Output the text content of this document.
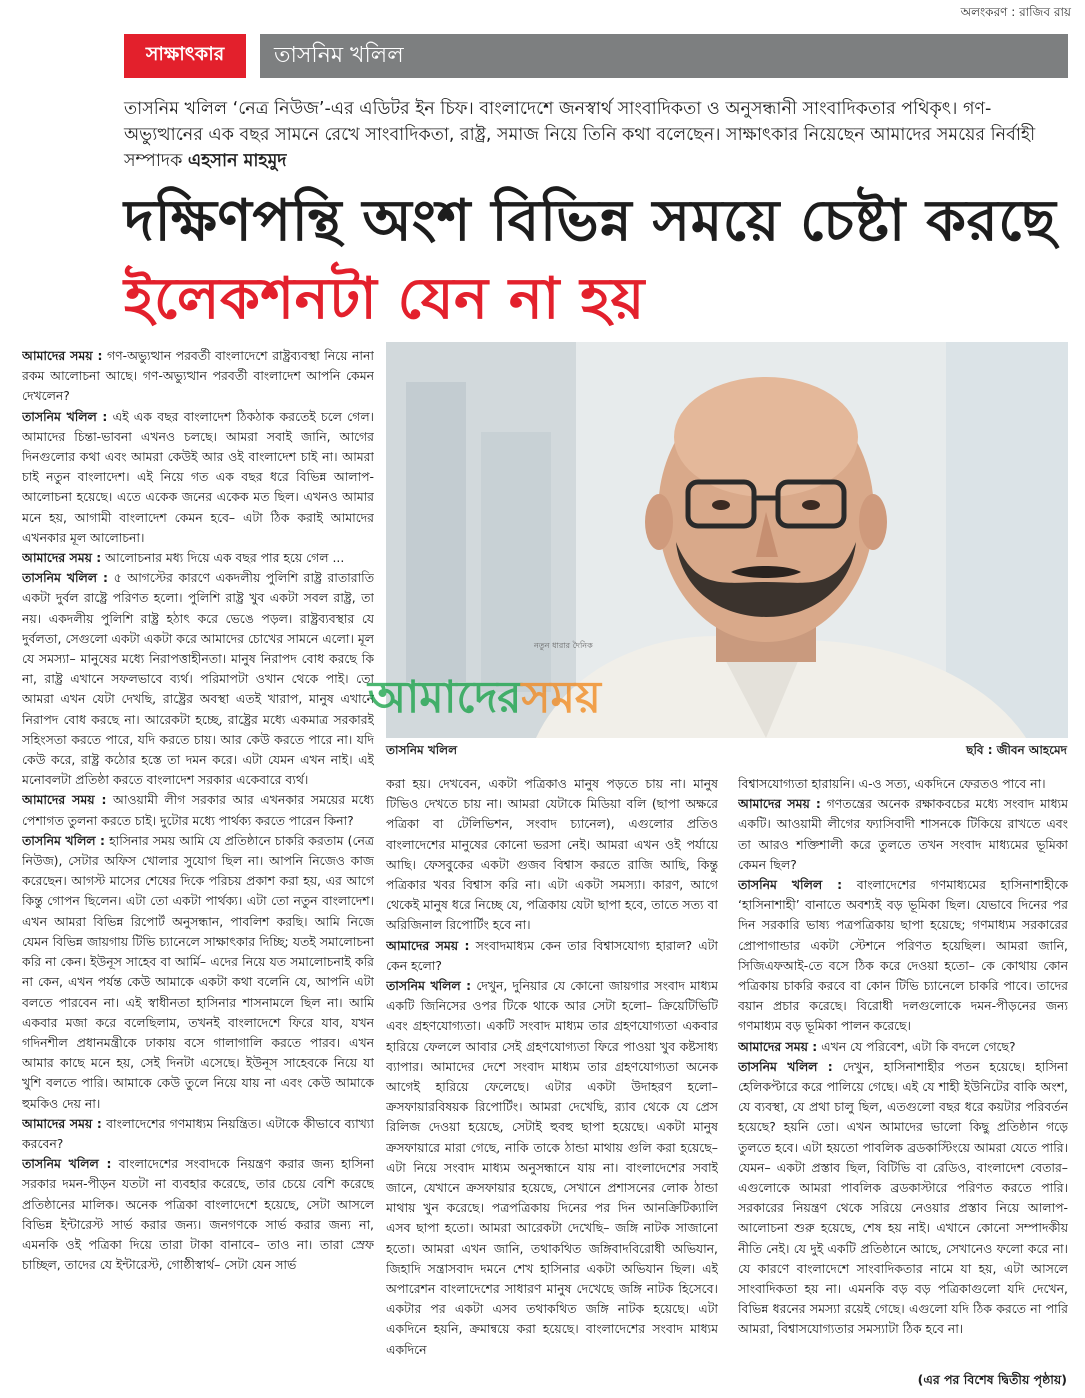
অলংকরণ : রাজিব রায়
সাক্ষাৎকার	তাসনিম খলিল
তাসনিম খলিল ‘নেত্র নিউজ’-এর এডিটর ইন চিফ। বাংলাদেশে জনস্বার্থ সাংবাদিকতা ও অনুসন্ধানী সাংবাদিকতার পথিকৃৎ। গণ-অভ্যুত্থানের এক বছর সামনে রেখে সাংবাদিকতা, রাষ্ট্র, সমাজ নিয়ে তিনি কথা বলেছেন। সাক্ষাৎকার নিয়েছেন আমাদের সময়ের নির্বাহী সম্পাদক এহসান মাহমুদ
দক্ষিণপন্থি অংশ বিভিন্ন সময়ে চেষ্টা করছে
ইলেকশনটা যেন না হয়

আমাদের সময় : গণ-অভ্যুত্থান পরবর্তী বাংলাদেশে রাষ্ট্রব্যবস্থা নিয়ে নানা রকম আলোচনা আছে। গণ-অভ্যুত্থান পরবর্তী বাংলাদেশ আপনি কেমন দেখলেন?

তাসনিম খলিল : এই এক বছর বাংলাদেশ ঠিকঠাক করতেই চলে গেল। আমাদের চিন্তা-ভাবনা এখনও চলছে। আমরা সবাই জানি, আগের দিনগুলোর কথা এবং আমরা কেউই আর ওই বাংলাদেশ চাই না। আমরা চাই নতুন বাংলাদেশ। এই নিয়ে গত এক বছর ধরে বিভিন্ন আলাপ-আলোচনা হয়েছে। এতে একেক জনের একেক মত ছিল। এখনও আমার মনে হয়, আগামী বাংলাদেশ কেমন হবে– এটা ঠিক করাই আমাদের এখনকার মূল আলোচনা।

আমাদের সময় : আলোচনার মধ্য দিয়ে এক বছর পার হয়ে গেল ...

তাসনিম খলিল : ৫ আগস্টের কারণে একদলীয় পুলিশি রাষ্ট্র রাতারাতি একটা দুর্বল রাষ্ট্রে পরিণত হলো। পুলিশি রাষ্ট্র খুব একটা সবল রাষ্ট্র, তা নয়। একদলীয় পুলিশি রাষ্ট্র হঠাৎ করে ভেঙে পড়ল। রাষ্ট্রব্যবস্থার যে দুর্বলতা, সেগুলো একটা একটা করে আমাদের চোখের সামনে এলো। মূল যে সমস্যা– মানুষের মধ্যে নিরাপত্তাহীনতা। মানুষ নিরাপদ বোধ করছে কি না, রাষ্ট্র এখানে সফলভাবে ব্যর্থ। পরিমাপটা ওখান থেকে পাই। তো আমরা এখন যেটা দেখছি, রাষ্ট্রের অবস্থা এতই খারাপ, মানুষ এখানে নিরাপদ বোধ করছে না। আরেকটা হচ্ছে, রাষ্ট্রের মধ্যে একমাত্র সরকারই সহিংসতা করতে পারে, যদি করতে চায়। আর কেউ করতে পারে না। যদি কেউ করে, রাষ্ট্র কঠোর হস্তে তা দমন করে। এটা যেমন এখন নাই। এই মনোবলটা প্রতিষ্ঠা করতে বাংলাদেশ সরকার একেবারে ব্যর্থ।

আমাদের সময় : আওয়ামী লীগ সরকার আর এখনকার সময়ের মধ্যে পেশাগত তুলনা করতে চাই। দুটোর মধ্যে পার্থক্য করতে পারেন কিনা?

তাসনিম খলিল : হাসিনার সময় আমি যে প্রতিষ্ঠানে চাকরি করতাম (নেত্র নিউজ), সেটার অফিস খোলার সুযোগ ছিল না। আপনি নিজেও কাজ করেছেন। আগস্ট মাসের শেষের দিকে পরিচয় প্রকাশ করা হয়, এর আগে কিন্তু গোপন ছিলেন। এটা তো একটা পার্থক্য। এটা তো নতুন বাংলাদেশ। এখন আমরা বিভিন্ন রিপোর্ট অনুসন্ধান, পাবলিশ করছি। আমি নিজে যেমন বিভিন্ন জায়গায় টিভি চ্যানেলে সাক্ষাৎকার দিচ্ছি; যতই সমালোচনা করি না কেন। ইউনূস সাহেব বা আর্মি– এদের নিয়ে যত সমালোচনাই করি না কেন, এখন পর্যন্ত কেউ আমাকে একটা কথা বলেনি যে, আপনি এটা বলতে পারবেন না। এই স্বাধীনতা হাসিনার শাসনামলে ছিল না। আমি একবার মজা করে বলেছিলাম, তখনই বাংলাদেশে ফিরে যাব, যখন গদিনশীল প্রধানমন্ত্রীকে ঢাকায় বসে গালাগালি করতে পারব। এখন আমার কাছে মনে হয়, সেই দিনটা এসেছে। ইউনূস সাহেবকে নিয়ে যা খুশি বলতে পারি। আমাকে কেউ তুলে নিয়ে যায় না এবং কেউ আমাকে হুমকিও দেয় না।

আমাদের সময় : বাংলাদেশের গণমাধ্যম নিয়ন্ত্রিত। এটাকে কীভাবে ব্যাখ্যা করবেন?

তাসনিম খলিল : বাংলাদেশের সংবাদকে নিয়ন্ত্রণ করার জন্য হাসিনা সরকার দমন-পীড়ন যতটা না ব্যবহার করেছে, তার চেয়ে বেশি করেছে প্রতিষ্ঠানের মালিক। অনেক পত্রিকা বাংলাদেশে হয়েছে, সেটা আসলে বিভিন্ন ইন্টারেস্ট সার্ভ করার জন্য। জনগণকে সার্ভ করার জন্য না, এমনকি ওই পত্রিকা দিয়ে তারা টাকা বানাবে– তাও না। তারা স্রেফ চাচ্ছিল, তাদের যে ইন্টারেস্ট, গোষ্ঠীস্বার্থ– সেটা যেন সার্ভ

তাসনিম খলিল	ছবি : জীবন আহমেদ
নতুন ধারার দৈনিক
আমাদেরসময়

করা হয়। দেখবেন, একটা পত্রিকাও মানুষ পড়তে চায় না। মানুষ টিভিও দেখতে চায় না। আমরা যেটাকে মিডিয়া বলি (ছাপা অক্ষরে পত্রিকা বা টেলিভিশন, সংবাদ চ্যানেল), এগুলোর প্রতিও বাংলাদেশের মানুষের কোনো ভরসা নেই। আমরা এখন ওই পর্যায়ে আছি। ফেসবুকের একটা গুজব বিশ্বাস করতে রাজি আছি, কিন্তু পত্রিকার খবর বিশ্বাস করি না। এটা একটা সমস্যা। কারণ, আগে থেকেই মানুষ ধরে নিচ্ছে যে, পত্রিকায় যেটা ছাপা হবে, তাতে সত্য বা অরিজিনাল রিপোর্টিং হবে না।

আমাদের সময় : সংবাদমাধ্যম কেন তার বিশ্বাসযোগ্য হারাল? এটা কেন হলো?

তাসনিম খলিল : দেখুন, দুনিয়ার যে কোনো জায়গার সংবাদ মাধ্যম একটি জিনিসের ওপর টিকে থাকে আর সেটা হলো– ক্রিয়েটিভিটি এবং গ্রহণযোগ্যতা। একটি সংবাদ মাধ্যম তার গ্রহণযোগ্যতা একবার হারিয়ে ফেললে আবার সেই গ্রহণযোগ্যতা ফিরে পাওয়া খুব কষ্টসাধ্য ব্যাপার। আমাদের দেশে সংবাদ মাধ্যম তার গ্রহণযোগ্যতা অনেক আগেই হারিয়ে ফেলেছে। এটার একটা উদাহরণ হলো– ক্রসফায়ারবিষয়ক রিপোর্টিং। আমরা দেখেছি, র‌্যাব থেকে যে প্রেস রিলিজ দেওয়া হয়েছে, সেটাই হুবহু ছাপা হয়েছে। একটা মানুষ ক্রসফায়ারে মারা গেছে, নাকি তাকে ঠান্ডা মাথায় গুলি করা হয়েছে– এটা নিয়ে সংবাদ মাধ্যম অনুসন্ধানে যায় না। বাংলাদেশের সবাই জানে, যেখানে ক্রসফায়ার হয়েছে, সেখানে প্রশাসনের লোক ঠান্ডা মাথায় খুন করেছে। পত্রপত্রিকায় দিনের পর দিন আনক্রিটিক্যালি এসব ছাপা হতো। আমরা আরেকটা দেখেছি– জঙ্গি নাটক সাজানো হতো। আমরা এখন জানি, তথাকথিত জঙ্গিবাদবিরোধী অভিযান, জিহাদি সন্ত্রাসবাদ দমনে শেখ হাসিনার একটা অভিযান ছিল। এই অপারেশন বাংলাদেশের সাধারণ মানুষ দেখেছে জঙ্গি নাটক হিসেবে। একটার পর একটা এসব তথাকথিত জঙ্গি নাটক হয়েছে। এটা একদিনে হয়নি, ক্রমান্বয়ে করা হয়েছে। বাংলাদেশের সংবাদ মাধ্যম একদিনে

বিশ্বাসযোগ্যতা হারায়নি। এ-ও সত্য, একদিনে ফেরতও পাবে না।

আমাদের সময় : গণতন্ত্রের অনেক রক্ষাকবচের মধ্যে সংবাদ মাধ্যম একটি। আওয়ামী লীগের ফ্যাসিবাদী শাসনকে টিকিয়ে রাখতে এবং তা আরও শক্তিশালী করে তুলতে তখন সংবাদ মাধ্যমের ভূমিকা কেমন ছিল?

তাসনিম খলিল : বাংলাদেশের গণমাধ্যমের হাসিনাশাহীকে ‘হাসিনাশাহী’ বানাতে অবশ্যই বড় ভূমিকা ছিল। যেভাবে দিনের পর দিন সরকারি ভাষ্য পত্রপত্রিকায় ছাপা হয়েছে; গণমাধ্যম সরকারের প্রোপাগান্ডার একটা স্টেশনে পরিণত হয়েছিল। আমরা জানি, সিজিএফআই-তে বসে ঠিক করে দেওয়া হতো– কে কোথায় কোন পত্রিকায় চাকরি করবে বা কোন টিভি চ্যানেলে চাকরি পাবে। তাদের বয়ান প্রচার করেছে। বিরোধী দলগুলোকে দমন-পীড়নের জন্য গণমাধ্যম বড় ভূমিকা পালন করেছে।

আমাদের সময় : এখন যে পরিবেশ, এটা কি বদলে গেছে?

তাসনিম খলিল : দেখুন, হাসিনাশাহীর পতন হয়েছে। হাসিনা হেলিকপ্টারে করে পালিয়ে গেছে। এই যে শাহী ইউনিটের বাকি অংশ, যে ব্যবস্থা, যে প্রথা চালু ছিল, এতগুলো বছর ধরে কয়টার পরিবর্তন হয়েছে? হয়নি তো। এখন আমাদের ভালো কিছু প্রতিষ্ঠান গড়ে তুলতে হবে। এটা হয়তো পাবলিক ব্রডকাস্টিংয়ে আমরা যেতে পারি। যেমন– একটা প্রস্তাব ছিল, বিটিভি বা রেডিও, বাংলাদেশ বেতার– এগুলোকে আমরা পাবলিক ব্রডকাস্টারে পরিণত করতে পারি। সরকারের নিয়ন্ত্রণ থেকে সরিয়ে নেওয়ার প্রস্তাব নিয়ে আলাপ-আলোচনা শুরু হয়েছে, শেষ হয় নাই। এখানে কোনো সম্পাদকীয় নীতি নেই। যে দুই একটি প্রতিষ্ঠানে আছে, সেখানেও ফলো করে না। যে কারণে বাংলাদেশে সাংবাদিকতার নামে যা হয়, এটা আসলে সাংবাদিকতা হয় না। এমনকি বড় বড় পত্রিকাগুলো যদি দেখেন, বিভিন্ন ধরনের সমস্যা রয়েই গেছে। এগুলো যদি ঠিক করতে না পারি আমরা, বিশ্বাসযোগ্যতার সমস্যাটা ঠিক হবে না।

(এর পর বিশেষ দ্বিতীয় পৃষ্ঠায়)
